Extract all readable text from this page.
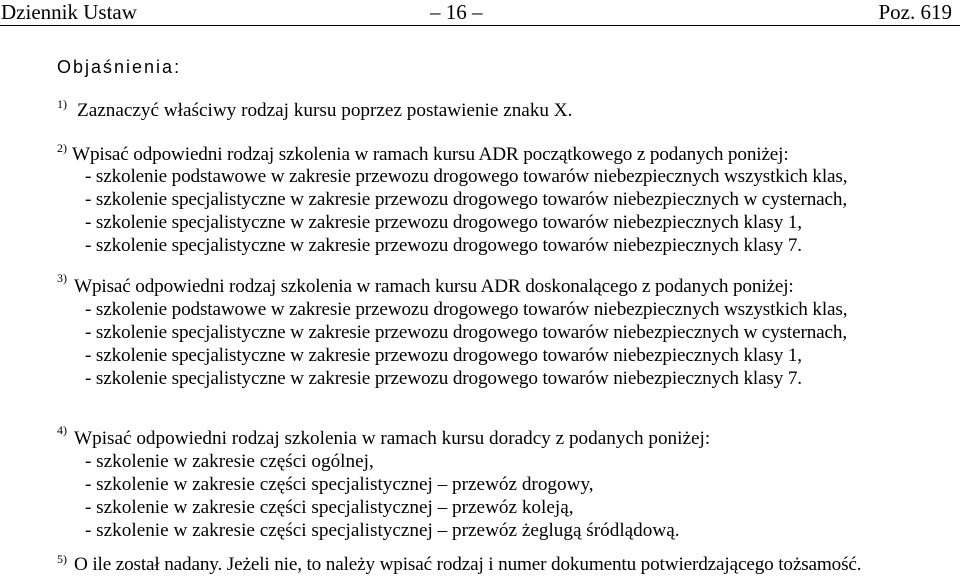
Dziennik Ustaw	– 16 –	Poz. 619
Objaśnienia:
1) Zaznaczyć właściwy rodzaj kursu poprzez postawienie znaku X.
2) Wpisać odpowiedni rodzaj szkolenia w ramach kursu ADR początkowego z podanych poniżej:
- szkolenie podstawowe w zakresie przewozu drogowego towarów niebezpiecznych wszystkich klas,
- szkolenie specjalistyczne w zakresie przewozu drogowego towarów niebezpiecznych w cysternach,
- szkolenie specjalistyczne w zakresie przewozu drogowego towarów niebezpiecznych klasy 1,
- szkolenie specjalistyczne w zakresie przewozu drogowego towarów niebezpiecznych klasy 7.
3) Wpisać odpowiedni rodzaj szkolenia w ramach kursu ADR doskonalącego z podanych poniżej:
- szkolenie podstawowe w zakresie przewozu drogowego towarów niebezpiecznych wszystkich klas,
- szkolenie specjalistyczne w zakresie przewozu drogowego towarów niebezpiecznych w cysternach,
- szkolenie specjalistyczne w zakresie przewozu drogowego towarów niebezpiecznych klasy 1,
- szkolenie specjalistyczne w zakresie przewozu drogowego towarów niebezpiecznych klasy 7.
4) Wpisać odpowiedni rodzaj szkolenia w ramach kursu doradcy z podanych poniżej:
- szkolenie w zakresie części ogólnej,
- szkolenie w zakresie części specjalistycznej – przewóz drogowy,
- szkolenie w zakresie części specjalistycznej – przewóz koleją,
- szkolenie w zakresie części specjalistycznej – przewóz żeglugą śródlądową.
5) O ile został nadany. Jeżeli nie, to należy wpisać rodzaj i numer dokumentu potwierdzającego tożsamość.
